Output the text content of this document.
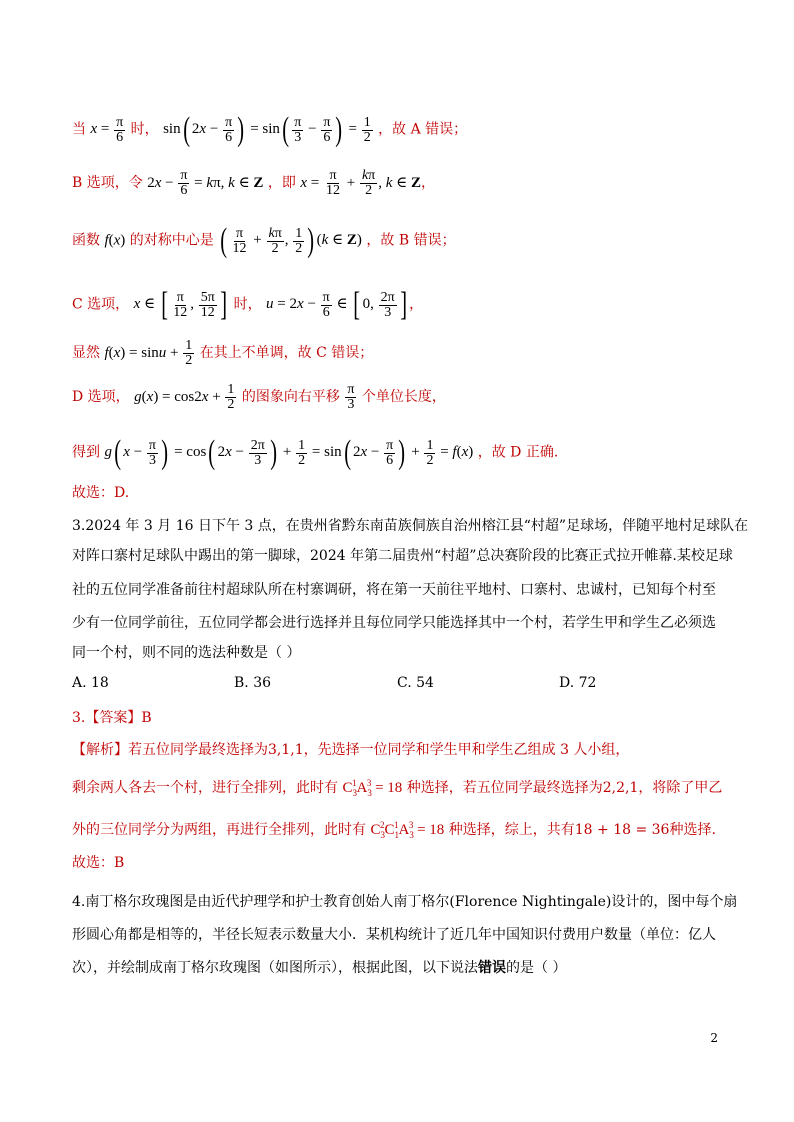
当 $x = \frac{\pi}{6}$ 时， sin( $2x - \frac{\pi}{6}$ ) = $\sin( \frac{\pi}{3} - \frac{\pi}{6}$ ) = $\frac{1}{2}$ ，故 A 错误；
B 选项，令 $2x - \frac{\pi}{6} = k\pi$, k ∈ Z ，即 $x = \frac{\pi}{12} + \frac{k\pi}{2}$ , k ∈ Z，
函数 f(x) 的对称中心是 ( $\frac{\pi}{12} + \frac{k\pi}{2}$ , $\frac{1}{2}$ ) (k ∈ Z) ，故 B 错误；
C 选项， x ∈ [ $\frac{\pi}{12}$ , $\frac{5\pi}{12}$ ] 时， $u = 2x - \frac{\pi}{6}$ ∈ [ 0, $\frac{2\pi}{3}$ ] ，
显然 $f(x) = \sin u + \frac{1}{2}$ 在其上不单调，故 C 错误；
D 选项， $g(x) = \cos 2x + \frac{1}{2}$ 的图象向右平移 $\frac{\pi}{3}$ 个单位长度，
得到 g( $x - \frac{\pi}{3}$ ) = cos( $2x - \frac{2\pi}{3}$ ) + $\frac{1}{2} = \sin$( $2x - \frac{\pi}{6}$ ) + $\frac{1}{2} = f(x)$ ，故 D 正确.
故选：D.
3.2024 年 3 月 16 日下午 3 点，在贵州省黔东南苗族侗族自治州榕江县“村超”足球场，伴随平地村足球队在
对阵口寨村足球队中踢出的第一脚球，2024 年第二届贵州“村超”总决赛阶段的比赛正式拉开帷幕.某校足球
社的五位同学准备前往村超球队所在村寨调研，将在第一天前往平地村、口寨村、忠诚村，已知每个村至
少有一位同学前往，五位同学都会进行选择并且每位同学只能选择其中一个村，若学生甲和学生乙必须选
同一个村，则不同的选法种数是（ ）
A. 18	B. 36	C. 54	D. 72
3.【答案】B
【解析】若五位同学最终选择为3,1,1，先选择一位同学和学生甲和学生乙组成 3 人小组，
剩余两人各去一个村，进行全排列，此时有 $C_3^1A_3^3 = 18$ 种选择，若五位同学最终选择为2,2,1，将除了甲乙
外的三位同学分为两组，再进行全排列，此时有 $C_3^2C_1^1A_3^3 = 18$ 种选择，综上，共有18 + 18 = 36种选择.
故选：B
4.南丁格尔玫瑰图是由近代护理学和护士教育创始人南丁格尔(Florence Nightingale)设计的，图中每个扇
形圆心角都是相等的，半径长短表示数量大小．某机构统计了近几年中国知识付费用户数量（单位：亿人
次），并绘制成南丁格尔玫瑰图（如图所示），根据此图，以下说法错误的是（ ）
2
